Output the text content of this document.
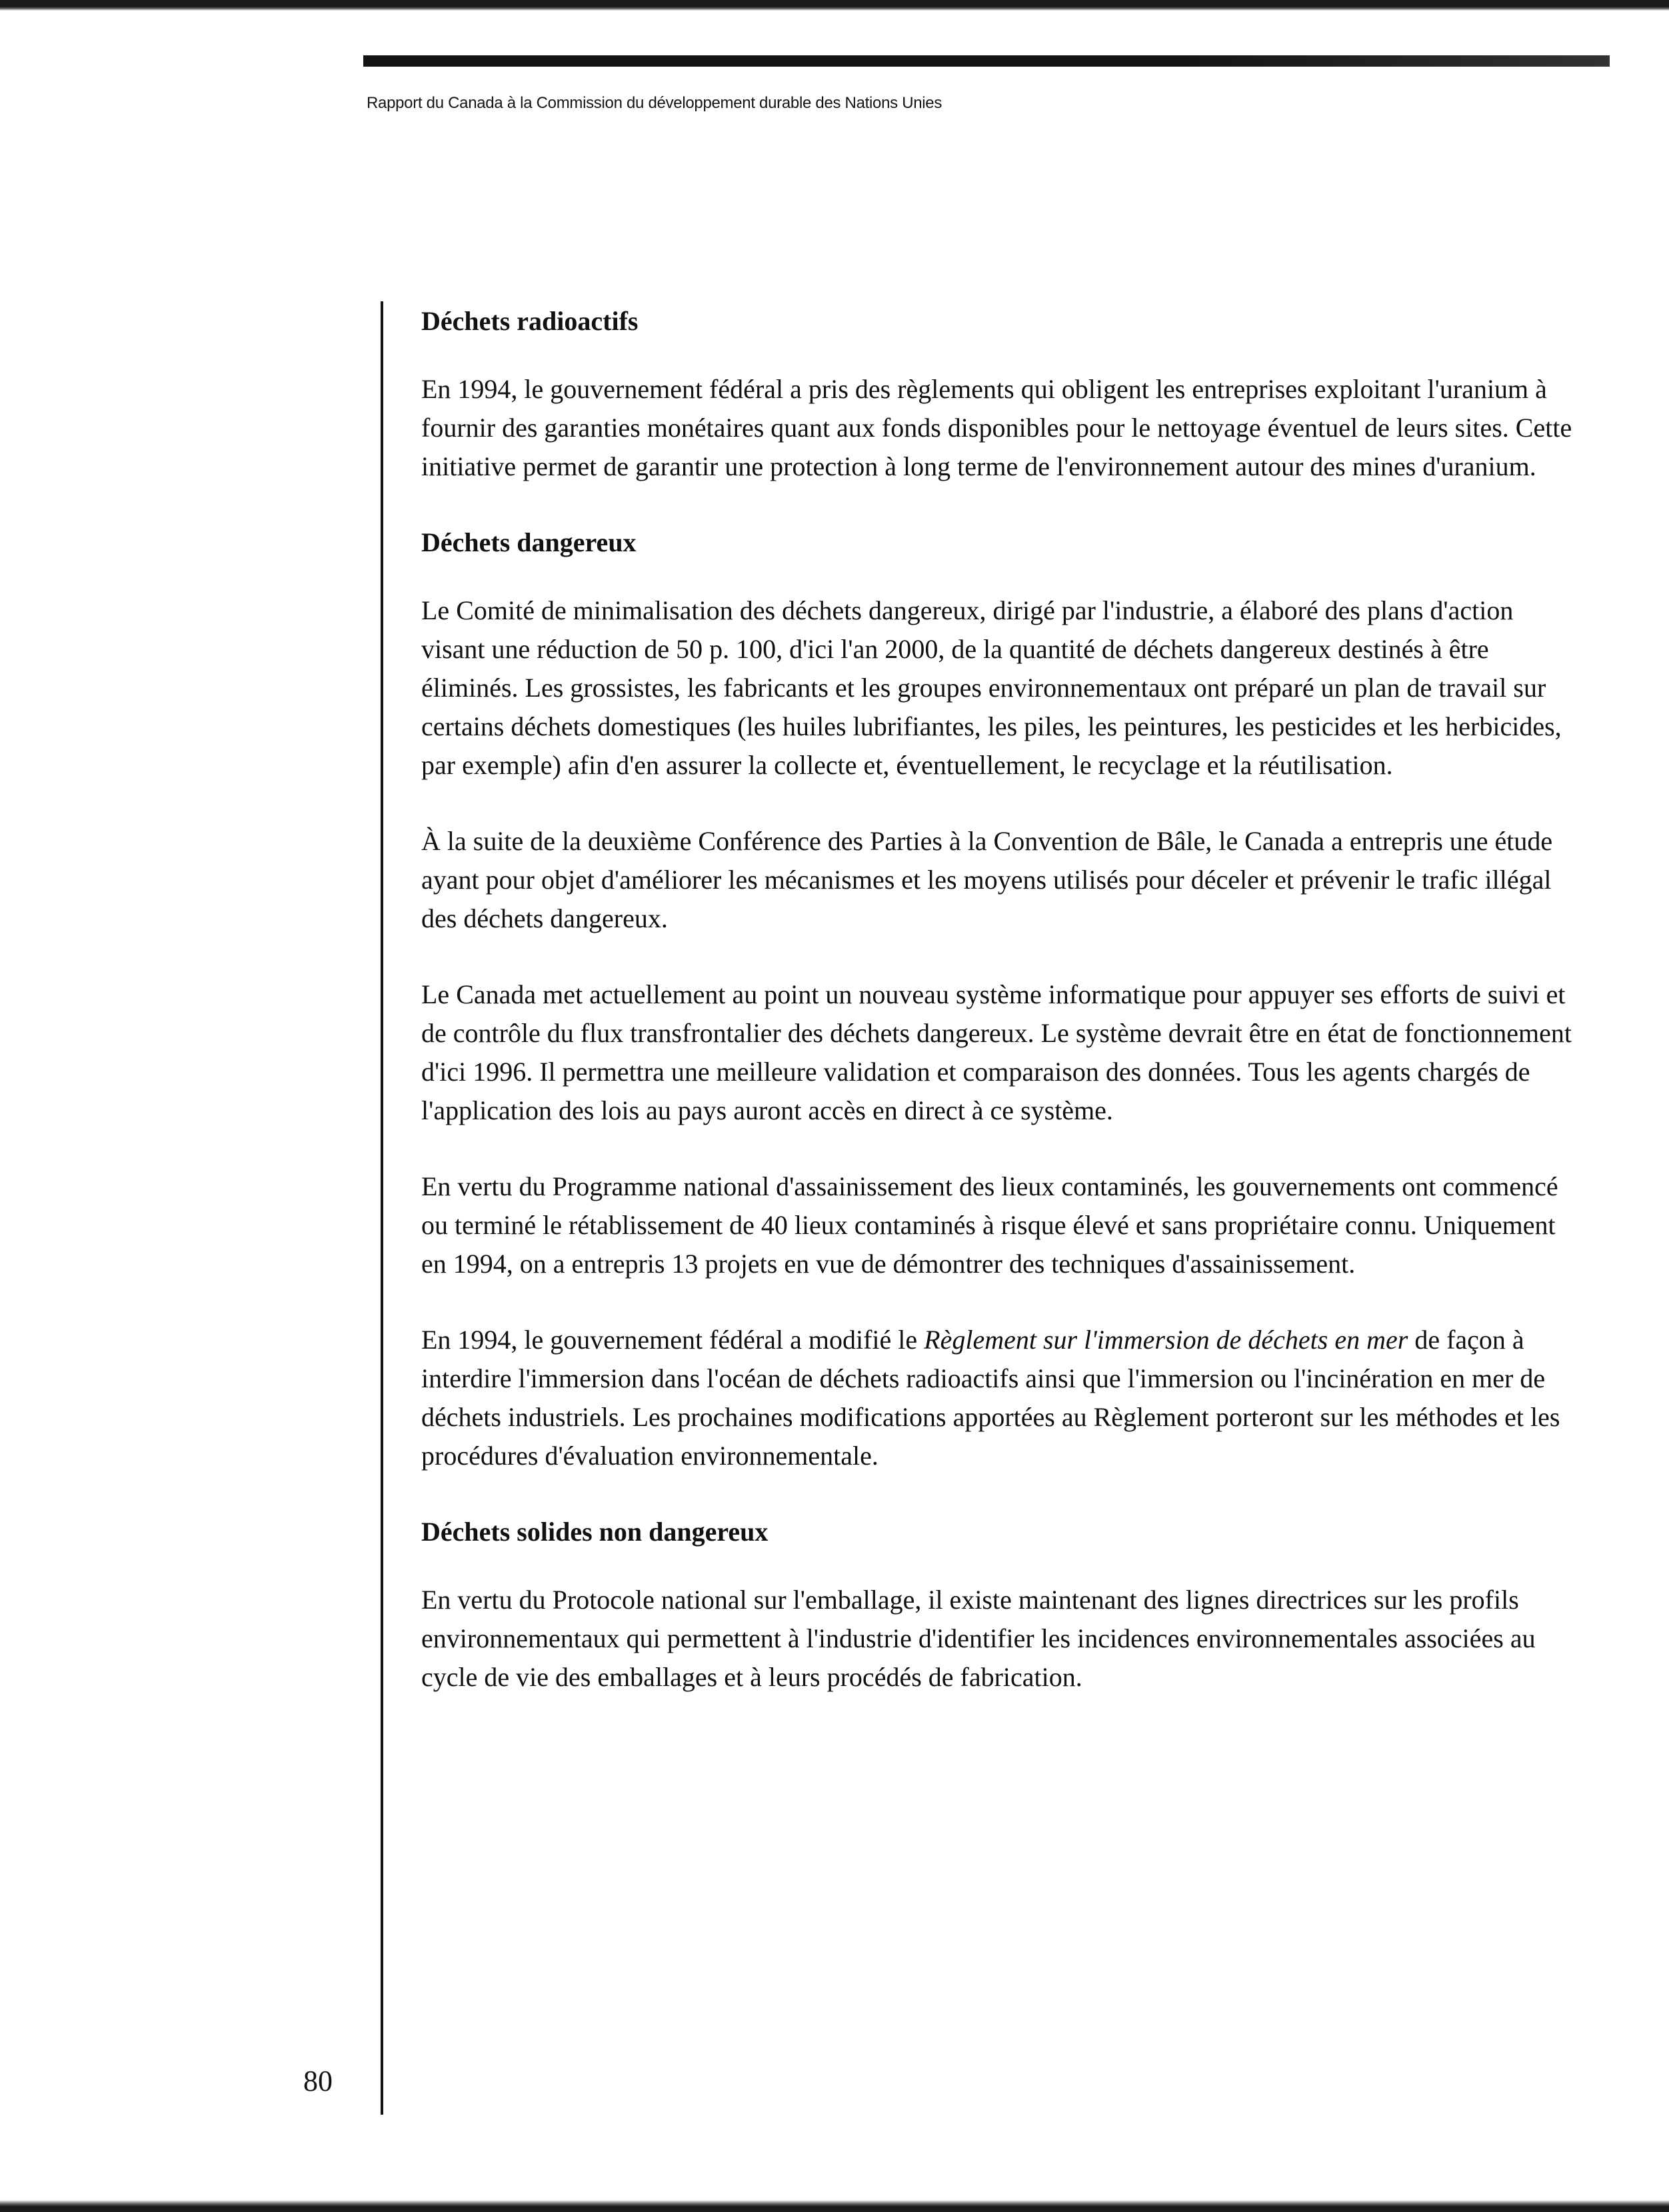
Rapport du Canada à la Commission du développement durable des Nations Unies
Déchets radioactifs

En 1994, le gouvernement fédéral a pris des règlements qui obligent les entreprises exploitant l'uranium à fournir des garanties monétaires quant aux fonds disponibles pour le nettoyage éventuel de leurs sites. Cette initiative permet de garantir une protection à long terme de l'environnement autour des mines d'uranium.

Déchets dangereux

Le Comité de minimalisation des déchets dangereux, dirigé par l'industrie, a élaboré des plans d'action visant une réduction de 50 p. 100, d'ici l'an 2000, de la quantité de déchets dangereux destinés à être éliminés. Les grossistes, les fabricants et les groupes environnementaux ont préparé un plan de travail sur certains déchets domestiques (les huiles lubrifiantes, les piles, les peintures, les pesticides et les herbicides, par exemple) afin d'en assurer la collecte et, éventuellement, le recyclage et la réutilisation.

À la suite de la deuxième Conférence des Parties à la Convention de Bâle, le Canada a entrepris une étude ayant pour objet d'améliorer les mécanismes et les moyens utilisés pour déceler et prévenir le trafic illégal des déchets dangereux.

Le Canada met actuellement au point un nouveau système informatique pour appuyer ses efforts de suivi et de contrôle du flux transfrontalier des déchets dangereux. Le système devrait être en état de fonctionnement d'ici 1996. Il permettra une meilleure validation et comparaison des données. Tous les agents chargés de l'application des lois au pays auront accès en direct à ce système.

En vertu du Programme national d'assainissement des lieux contaminés, les gouvernements ont commencé ou terminé le rétablissement de 40 lieux contaminés à risque élevé et sans propriétaire connu. Uniquement en 1994, on a entrepris 13 projets en vue de démontrer des techniques d'assainissement.

En 1994, le gouvernement fédéral a modifié le Règlement sur l'immersion de déchets en mer de façon à interdire l'immersion dans l'océan de déchets radioactifs ainsi que l'immersion ou l'incinération en mer de déchets industriels. Les prochaines modifications apportées au Règlement porteront sur les méthodes et les procédures d'évaluation environnementale.

Déchets solides non dangereux

En vertu du Protocole national sur l'emballage, il existe maintenant des lignes directrices sur les profils environnementaux qui permettent à l'industrie d'identifier les incidences environnementales associées au cycle de vie des emballages et à leurs procédés de fabrication.

80
